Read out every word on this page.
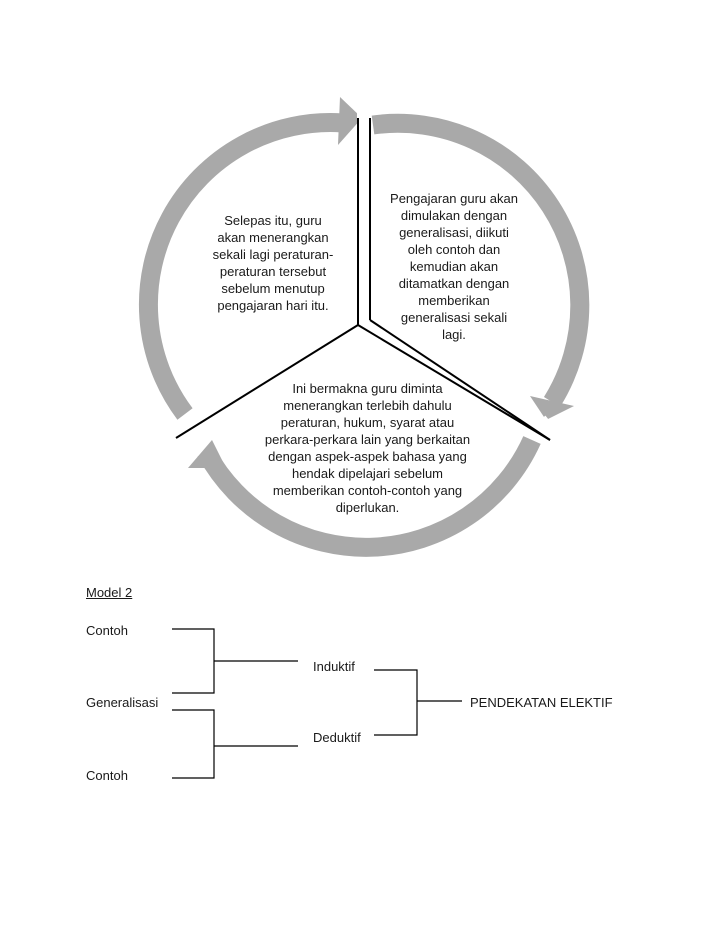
Selepas itu, guru
akan menerangkan
sekali lagi peraturan-
peraturan tersebut
sebelum menutup
pengajaran hari itu.
Pengajaran guru akan
dimulakan dengan
generalisasi, diikuti
oleh contoh dan
kemudian akan
ditamatkan dengan
memberikan
generalisasi sekali
lagi.
Ini bermakna guru diminta
menerangkan terlebih dahulu
peraturan, hukum, syarat atau
perkara-perkara lain yang berkaitan
dengan aspek-aspek bahasa yang
hendak dipelajari sebelum
memberikan contoh-contoh yang
diperlukan.
Model 2
Contoh
Generalisasi
Contoh
Induktif
Deduktif
PENDEKATAN ELEKTIF
